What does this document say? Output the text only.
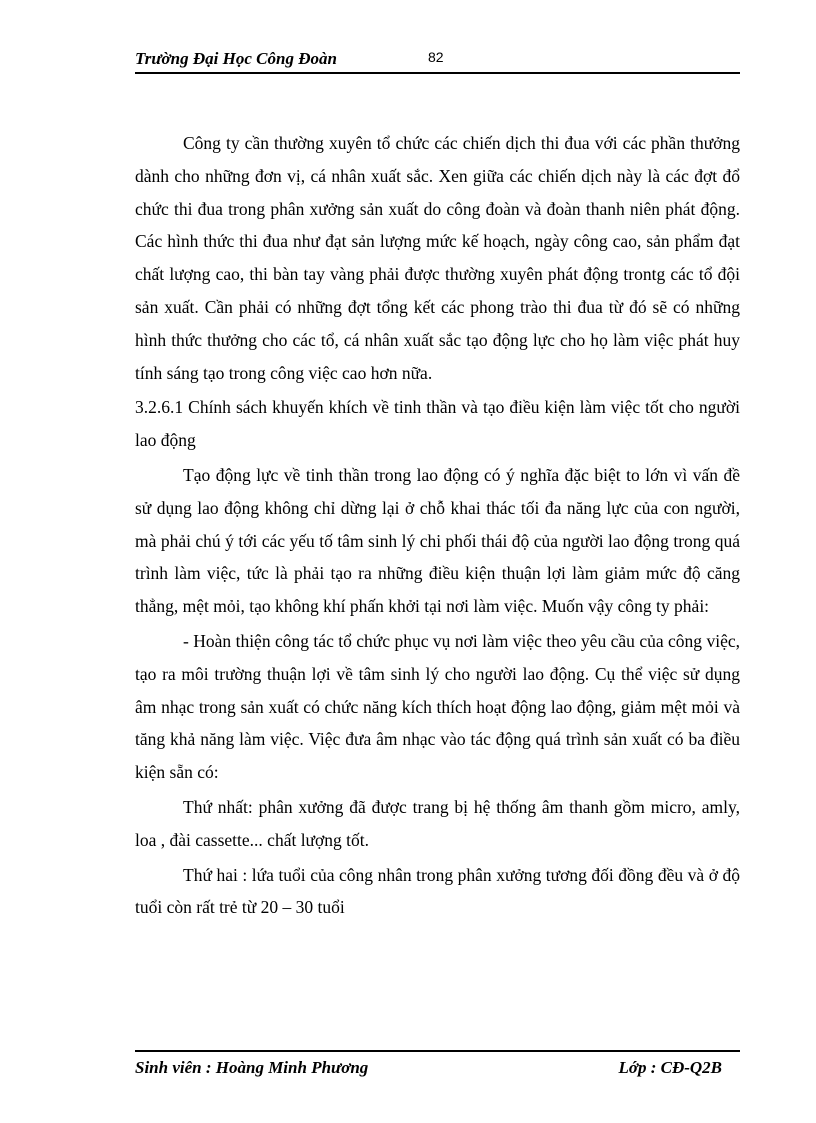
Trường Đại Học Công Đoàn	82

Công ty cần thường xuyên tổ chức các chiến dịch thi đua với các phần thưởng dành cho những đơn vị, cá nhân xuất sắc. Xen giữa các chiến dịch này là các đợt đổ chức thi đua trong phân xưởng sản xuất do công đoàn và đoàn thanh niên phát động. Các hình thức thi đua như đạt sản lượng mức kế hoạch, ngày công cao, sản phẩm đạt chất lượng cao, thi bàn tay vàng phải được thường xuyên phát động trontg các tổ đội sản xuất. Cần phải có những đợt tổng kết các phong trào thi đua từ đó sẽ có những hình thức thưởng cho các tổ, cá nhân xuất sắc tạo động lực cho họ làm việc phát huy tính sáng tạo trong công việc cao hơn nữa.

3.2.6.1 Chính sách khuyến khích về tinh thần và tạo điều kiện làm việc tốt cho người lao động

Tạo động lực về tinh thần trong lao động có ý nghĩa đặc biệt to lớn vì vấn đề sử dụng lao động không chỉ dừng lại ở chỗ khai thác tối đa năng lực của con người, mà phải chú ý tới các yếu tố tâm sinh lý chi phối thái độ của người lao động trong quá trình làm việc, tức là phải tạo ra những điều kiện thuận lợi làm giảm mức độ căng thẳng, mệt mỏi, tạo không khí phấn khởi tại nơi làm việc. Muốn vậy công ty phải:

- Hoàn thiện công tác tổ chức phục vụ nơi làm việc theo yêu cầu của công việc, tạo ra môi trường thuận lợi về tâm sinh lý cho người lao động. Cụ thể việc sử dụng âm nhạc trong sản xuất có chức năng kích thích hoạt động lao động, giảm mệt mỏi và tăng khả năng làm việc. Việc đưa âm nhạc vào tác động quá trình sản xuất có ba điều kiện sẵn có:

Thứ nhất: phân xưởng đã được trang bị hệ thống âm thanh gồm micro, amly, loa , đài cassette... chất lượng tốt.

Thứ hai : lứa tuổi của công nhân trong phân xưởng tương đối đồng đều và ở độ tuổi còn rất trẻ từ 20 – 30 tuổi

Sinh viên : Hoàng Minh Phương	Lớp : CĐ-Q2B
